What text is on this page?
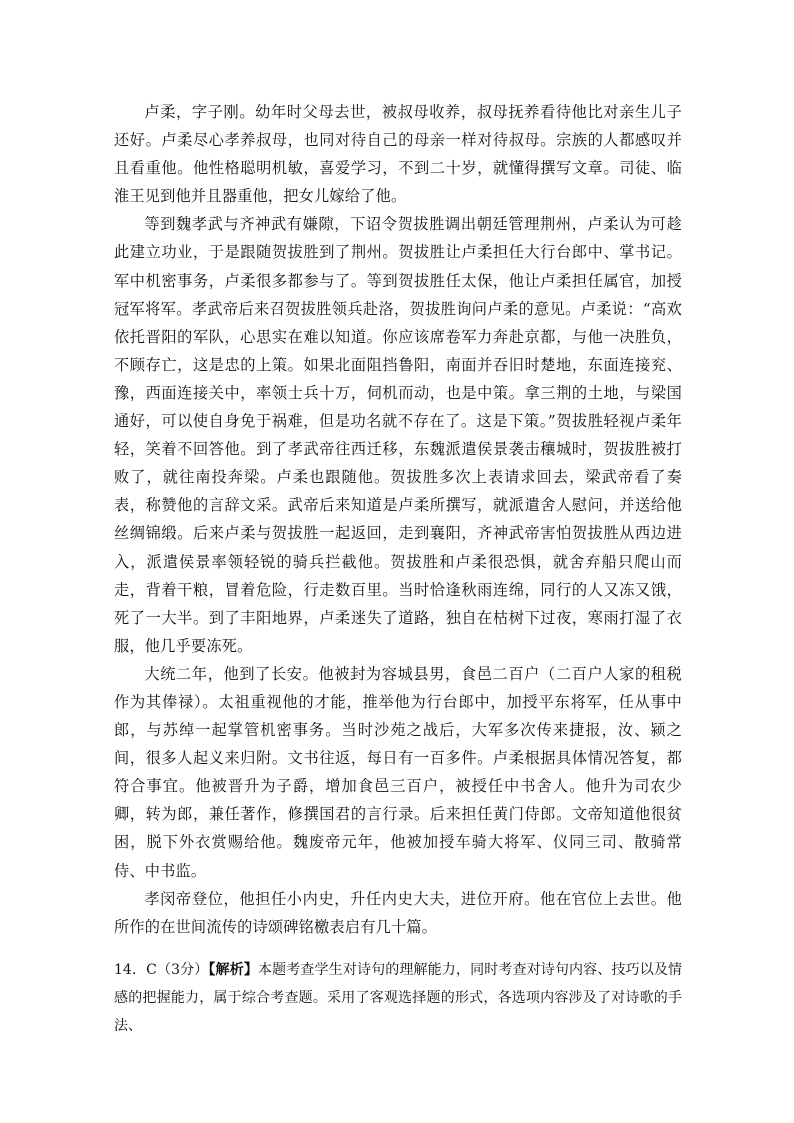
卢柔，字子刚。幼年时父母去世，被叔母收养，叔母抚养看待他比对亲生儿子还好。卢柔尽心孝养叔母，也同对待自己的母亲一样对待叔母。宗族的人都感叹并且看重他。他性格聪明机敏，喜爱学习，不到二十岁，就懂得撰写文章。司徒、临淮王见到他并且器重他，把女儿嫁给了他。

等到魏孝武与齐神武有嫌隙，下诏令贺拔胜调出朝廷管理荆州，卢柔认为可趁此建立功业，于是跟随贺拔胜到了荆州。贺拔胜让卢柔担任大行台郎中、掌书记。军中机密事务，卢柔很多都参与了。等到贺拔胜任太保，他让卢柔担任属官，加授冠军将军。孝武帝后来召贺拔胜领兵赴洛，贺拔胜询问卢柔的意见。卢柔说：“高欢依托晋阳的军队，心思实在难以知道。你应该席卷军力奔赴京都，与他一决胜负，不顾存亡，这是忠的上策。如果北面阻挡鲁阳，南面并吞旧时楚地，东面连接兖、豫，西面连接关中，率领士兵十万，伺机而动，也是中策。拿三荆的土地，与梁国通好，可以使自身免于祸难，但是功名就不存在了。这是下策。”贺拔胜轻视卢柔年轻，笑着不回答他。到了孝武帝往西迁移，东魏派遣侯景袭击穰城时，贺拔胜被打败了，就往南投奔梁。卢柔也跟随他。贺拔胜多次上表请求回去，梁武帝看了奏表，称赞他的言辞文采。武帝后来知道是卢柔所撰写，就派遣舍人慰问，并送给他丝绸锦缎。后来卢柔与贺拔胜一起返回，走到襄阳，齐神武帝害怕贺拔胜从西边进入，派遣侯景率领轻锐的骑兵拦截他。贺拔胜和卢柔很恐惧，就舍弃船只爬山而走，背着干粮，冒着危险，行走数百里。当时恰逢秋雨连绵，同行的人又冻又饿，死了一大半。到了丰阳地界，卢柔迷失了道路，独自在枯树下过夜，寒雨打湿了衣服，他几乎要冻死。

大统二年，他到了长安。他被封为容城县男，食邑二百户（二百户人家的租税作为其俸禄）。太祖重视他的才能，推举他为行台郎中，加授平东将军，任从事中郎，与苏绰一起掌管机密事务。当时沙苑之战后，大军多次传来捷报，汝、颍之间，很多人起义来归附。文书往返，每日有一百多件。卢柔根据具体情况答复，都符合事宜。他被晋升为子爵，增加食邑三百户，被授任中书舍人。他升为司农少卿，转为郎，兼任著作，修撰国君的言行录。后来担任黄门侍郎。文帝知道他很贫困，脱下外衣赏赐给他。魏废帝元年，他被加授车骑大将军、仪同三司、散骑常侍、中书监。

孝闵帝登位，他担任小内史，升任内史大夫，进位开府。他在官位上去世。他所作的在世间流传的诗颂碑铭檄表启有几十篇。

14．C（3分）【解析】本题考查学生对诗句的理解能力，同时考查对诗句内容、技巧以及情感的把握能力，属于综合考查题。采用了客观选择题的形式，各选项内容涉及了对诗歌的手法、
